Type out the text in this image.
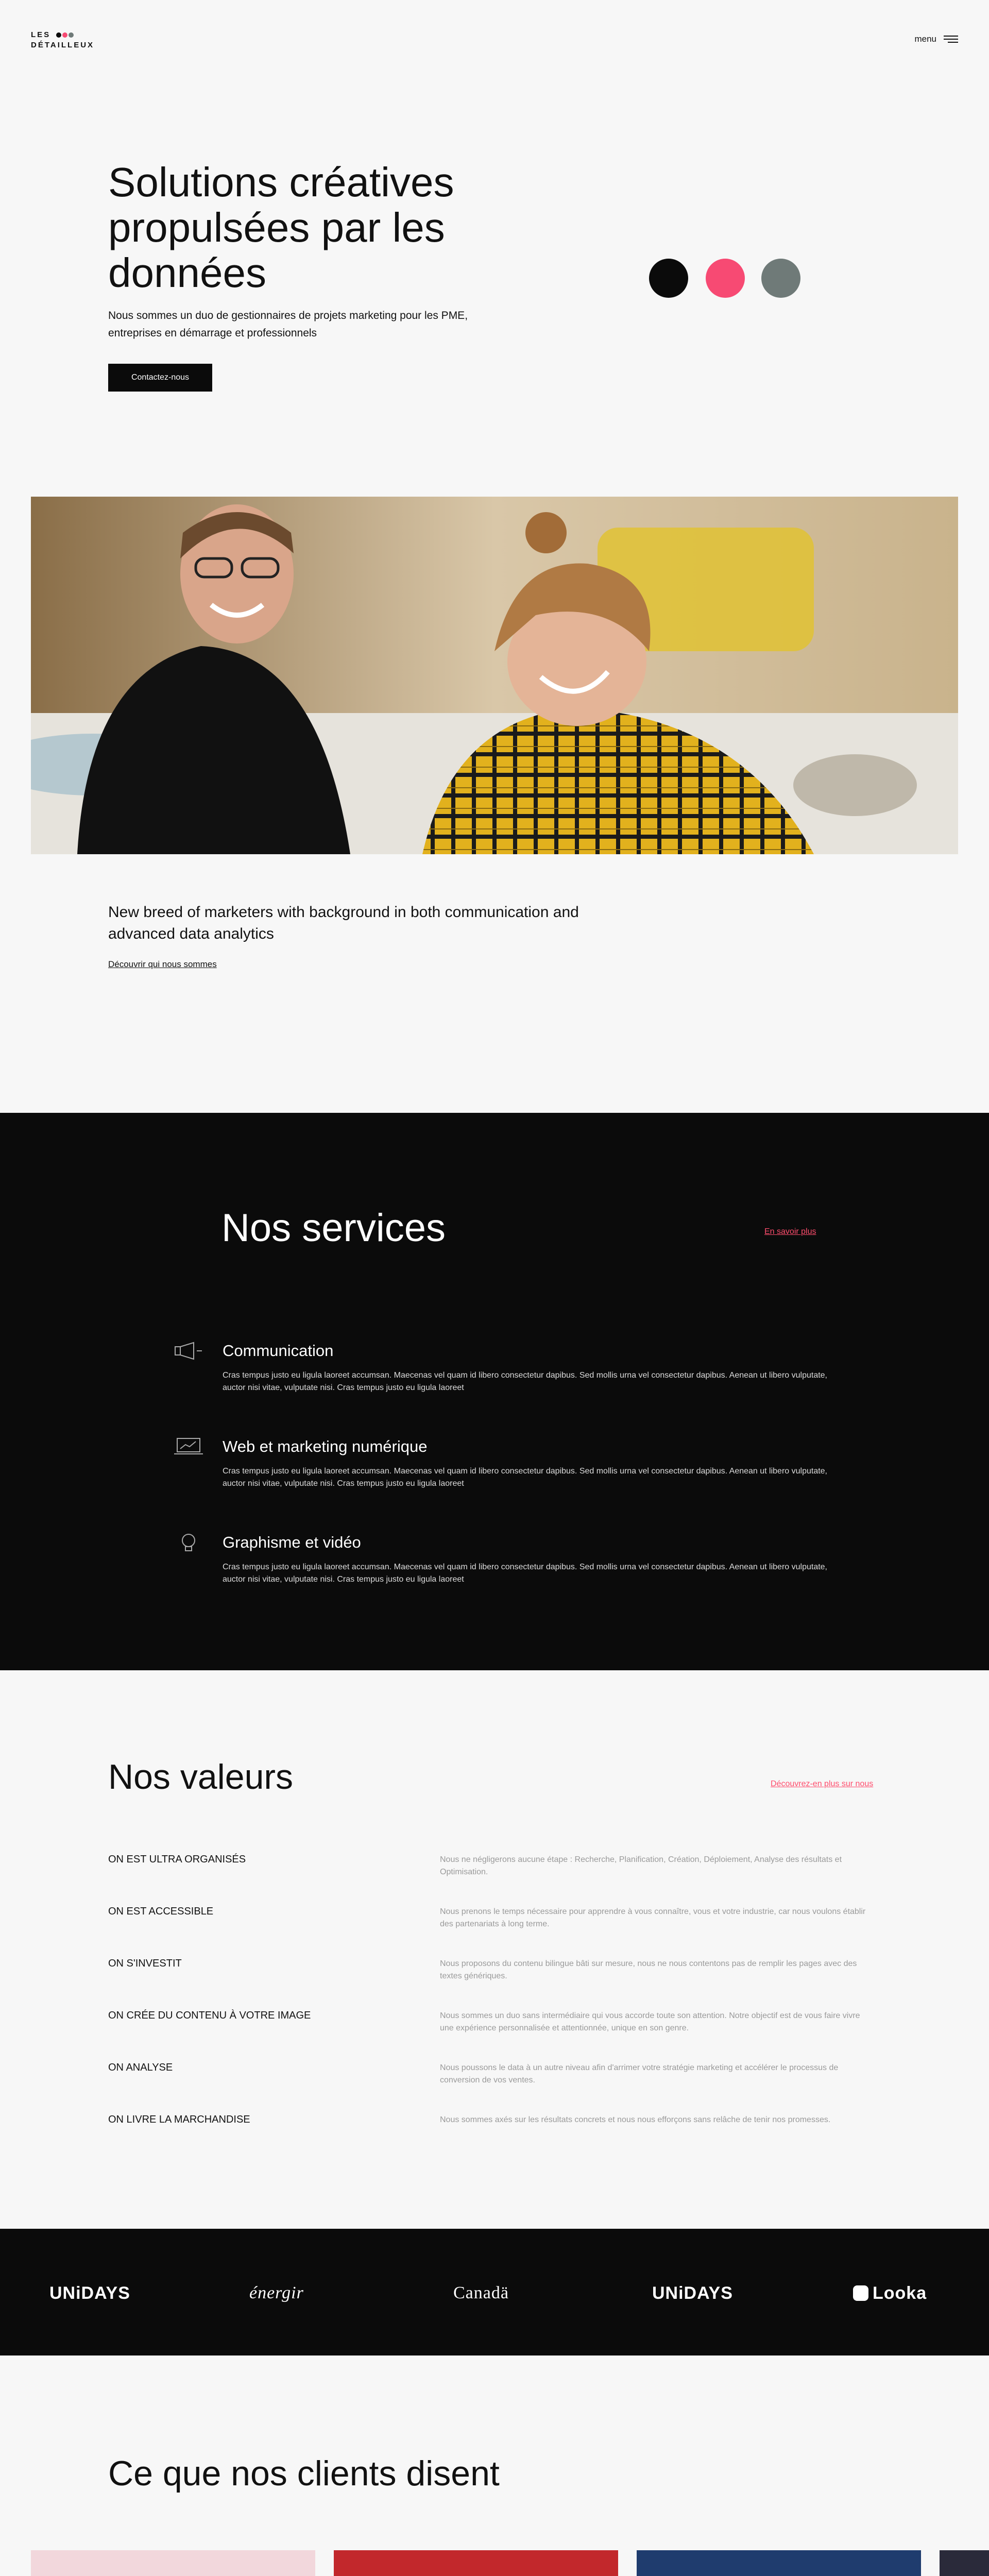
LES
DÉTAILLEUX
menu
Solutions créatives propulsées par les données

Nous sommes un duo de gestionnaires de projets marketing pour les PME, entreprises en démarrage et professionnels

Contactez-nous

New breed of marketers with background in both communication and advanced data analytics

Découvrir qui nous sommes
Nos services	En savoir plus
Communication

Cras tempus justo eu ligula laoreet accumsan. Maecenas vel quam id libero consectetur dapibus. Sed mollis urna vel consectetur dapibus. Aenean ut libero vulputate, auctor nisi vitae, vulputate nisi. Cras tempus justo eu ligula laoreet

Web et marketing numérique

Cras tempus justo eu ligula laoreet accumsan. Maecenas vel quam id libero consectetur dapibus. Sed mollis urna vel consectetur dapibus. Aenean ut libero vulputate, auctor nisi vitae, vulputate nisi. Cras tempus justo eu ligula laoreet

Graphisme et vidéo

Cras tempus justo eu ligula laoreet accumsan. Maecenas vel quam id libero consectetur dapibus. Sed mollis urna vel consectetur dapibus. Aenean ut libero vulputate, auctor nisi vitae, vulputate nisi. Cras tempus justo eu ligula laoreet

Nos valeurs	Découvrez-en plus sur nous
ON EST ULTRA ORGANISÉS	Nous ne négligerons aucune étape : Recherche, Planification, Création, Déploiement, Analyse des résultats et Optimisation.
ON EST ACCESSIBLE	Nous prenons le temps nécessaire pour apprendre à vous connaître, vous et votre industrie, car nous voulons établir des partenariats à long terme.
ON S'INVESTIT	Nous proposons du contenu bilingue bâti sur mesure, nous ne nous contentons pas de remplir les pages avec des textes génériques.
ON CRÉE DU CONTENU À VOTRE IMAGE	Nous sommes un duo sans intermédiaire qui vous accorde toute son attention. Notre objectif est de vous faire vivre une expérience personnalisée et attentionnée, unique en son genre.
ON ANALYSE	Nous poussons le data à un autre niveau afin d'arrimer votre stratégie marketing et accélérer le processus de conversion de vos ventes.
ON LIVRE LA MARCHANDISE	Nous sommes axés sur les résultats concrets et nous nous efforçons sans relâche de tenir nos promesses.
UNiDAYS	énergir	Canadä	UNiDAYS	Looka
Ce que nos clients disent
